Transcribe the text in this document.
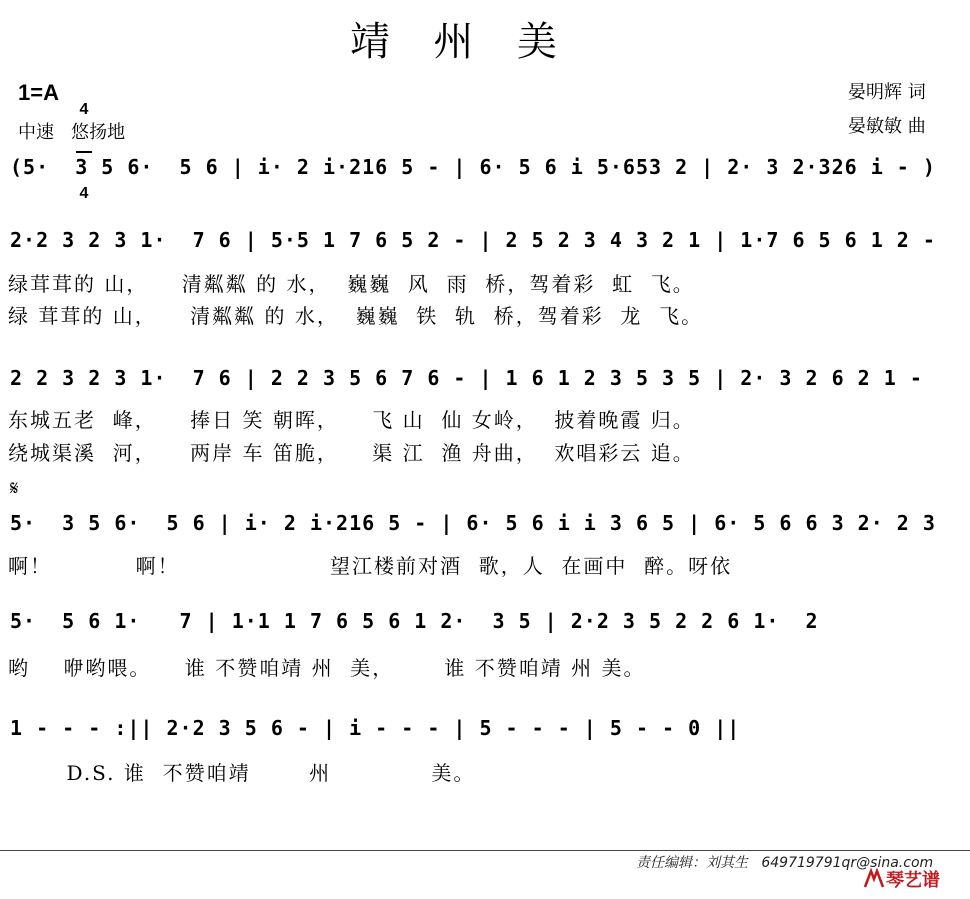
靖  州  美
1=A

4

4

中速   悠扬地
晏明辉 词
晏敏敏 曲
(5·  3 5 6·  5 6 | i· 2 i·216 5 - | 6· 5 6 i 5·653 2 | 2· 3 2·326 i - )
2·2 3 2 3 1·  7 6 | 5·5 1 7 6 5 2 - | 2 5 2 3 4 3 2 1 | 1·7 6 5 6 1 2 -
绿茸茸的 山，    清粼粼 的 水，  巍巍  风  雨  桥，驾着彩  虹  飞。
绿 茸茸的 山，    清粼粼 的 水，  巍巍  铁  轨  桥，驾着彩  龙  飞。
2 2 3 2 3 1·  7 6 | 2 2 3 5 6 7 6 - | 1 6 1 2 3 5 3 5 | 2· 3 2 6 2 1 -
东城五老  峰，    捧日 笑 朝晖，    飞 山  仙 女岭，  披着晚霞 归。
绕城渠溪  河，    两岸 车 笛脆，    渠 江  渔 舟曲，  欢唱彩云 追。
𝄋
5·  3 5 6·  5 6 | i· 2 i·216 5 - | 6· 5 6 i i 3 6 5 | 6· 5 6 6 3 2· 2 3
啊！          啊！                  望江楼前对酒  歌，人  在画中  醉。呀依
5·  5 6 1·   7 | 1·1 1 7 6 5 6 1 2·  3 5 | 2·2 3 5 2 2 6 1·  2
哟    咿哟喂。    谁 不赞咱靖 州  美，      谁 不赞咱靖 州 美。
1 - - - :|| 2·2 3 5 6 - | i - - - | 5 - - - | 5 - - 0 ||
D.S. 谁  不赞咱靖       州            美。
责任编辑：刘其生   649719791qr@sina.com
琴艺谱
